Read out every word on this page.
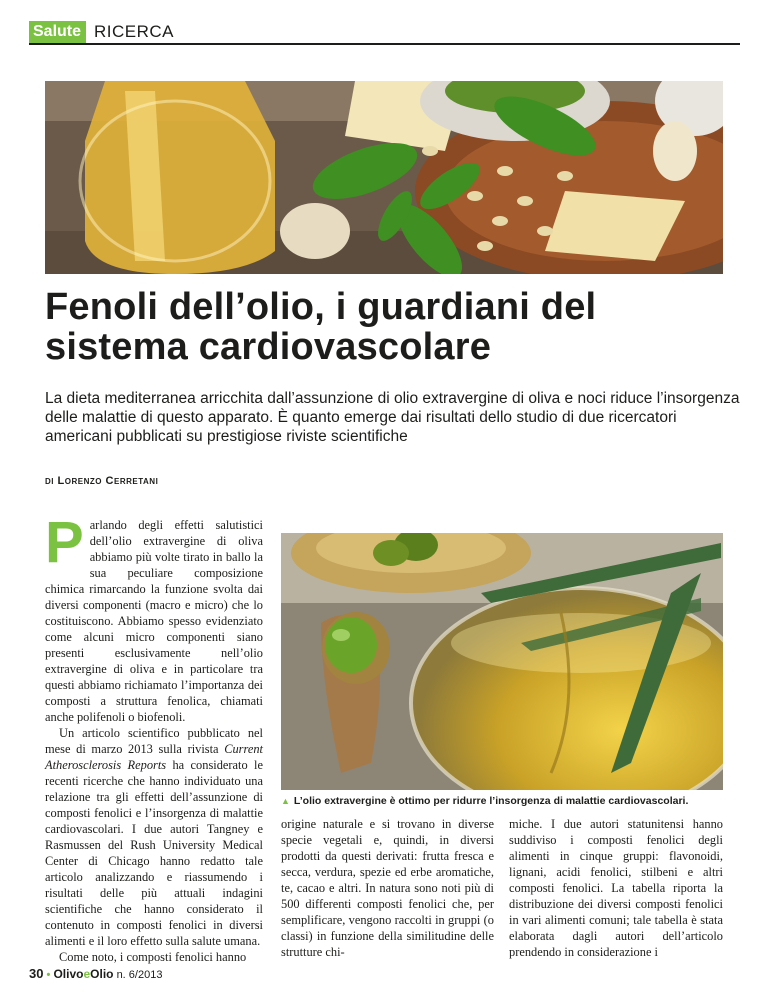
Salute RICERCA
Fenoli dell’olio, i guardiani del sistema cardiovascolare

La dieta mediterranea arricchita dall’assunzione di olio extravergine di oliva e noci riduce l’insorgenza delle malattie di questo apparato. È quanto emerge dai risultati dello studio di due ricercatori americani pubblicati su prestigiose riviste scientifiche

di Lorenzo Cerretani

Parlando degli effetti salutistici dell’olio extravergine di oliva abbiamo più volte tirato in ballo la sua peculiare composizione chimica rimarcando la funzione svolta dai diversi componenti (macro e micro) che lo costituiscono. Abbiamo spesso evidenziato come alcuni micro componenti siano presenti esclusivamente nell’olio extravergine di oliva e in particolare tra questi abbiamo richiamato l’importanza dei composti a struttura fenolica, chiamati anche polifenoli o biofenoli.

Un articolo scientifico pubblicato nel mese di marzo 2013 sulla rivista Current Atherosclerosis Reports ha considerato le recenti ricerche che hanno individuato una relazione tra gli effetti dell’assunzione di composti fenolici e l’insorgenza di malattie cardiovascolari. I due autori Tangney e Rasmussen del Rush University Medical Center di Chicago hanno redatto tale articolo analizzando e riassumendo i risultati delle più attuali indagini scientifiche che hanno considerato il contenuto in composti fenolici in diversi alimenti e il loro effetto sulla salute umana.

Come noto, i composti fenolici hanno

▲ L’olio extravergine è ottimo per ridurre l’insorgenza di malattie cardiovascolari.

origine naturale e si trovano in diverse specie vegetali e, quindi, in diversi prodotti da questi derivati: frutta fresca e secca, verdura, spezie ed erbe aromatiche, te, cacao e altri. In natura sono noti più di 500 differenti composti fenolici che, per semplificare, vengono raccolti in gruppi (o classi) in funzione della similitudine delle strutture chi-

miche. I due autori statunitensi hanno suddiviso i composti fenolici degli alimenti in cinque gruppi: flavonoidi, lignani, acidi fenolici, stilbeni e altri composti fenolici. La tabella riporta la distribuzione dei diversi composti fenolici in vari alimenti comuni; tale tabella è stata elaborata dagli autori dell’articolo prendendo in considerazione i

30 • OlivoeOlio n. 6/2013
